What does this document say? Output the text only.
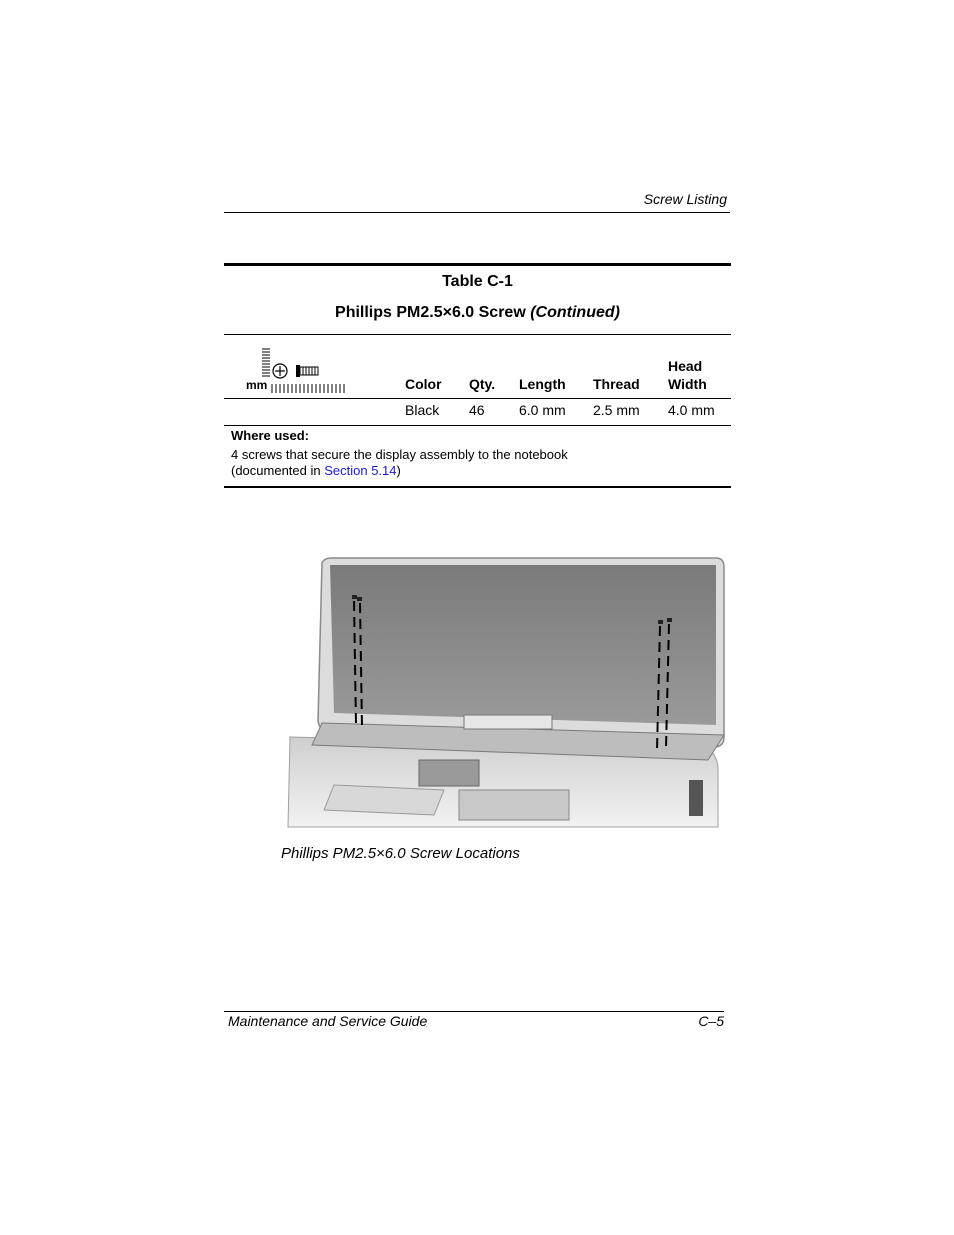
Screw Listing
Table C-1
Phillips PM2.5×6.0 Screw (Continued)
mm	Color Qty. Length Thread
Head
Width
Black 46 6.0 mm 2.5 mm 4.0 mm
Where used:
4 screws that secure the display assembly to the notebook
(documented in Section 5.14)
Phillips PM2.5×6.0 Screw Locations
Maintenance and Service Guide	C–5
